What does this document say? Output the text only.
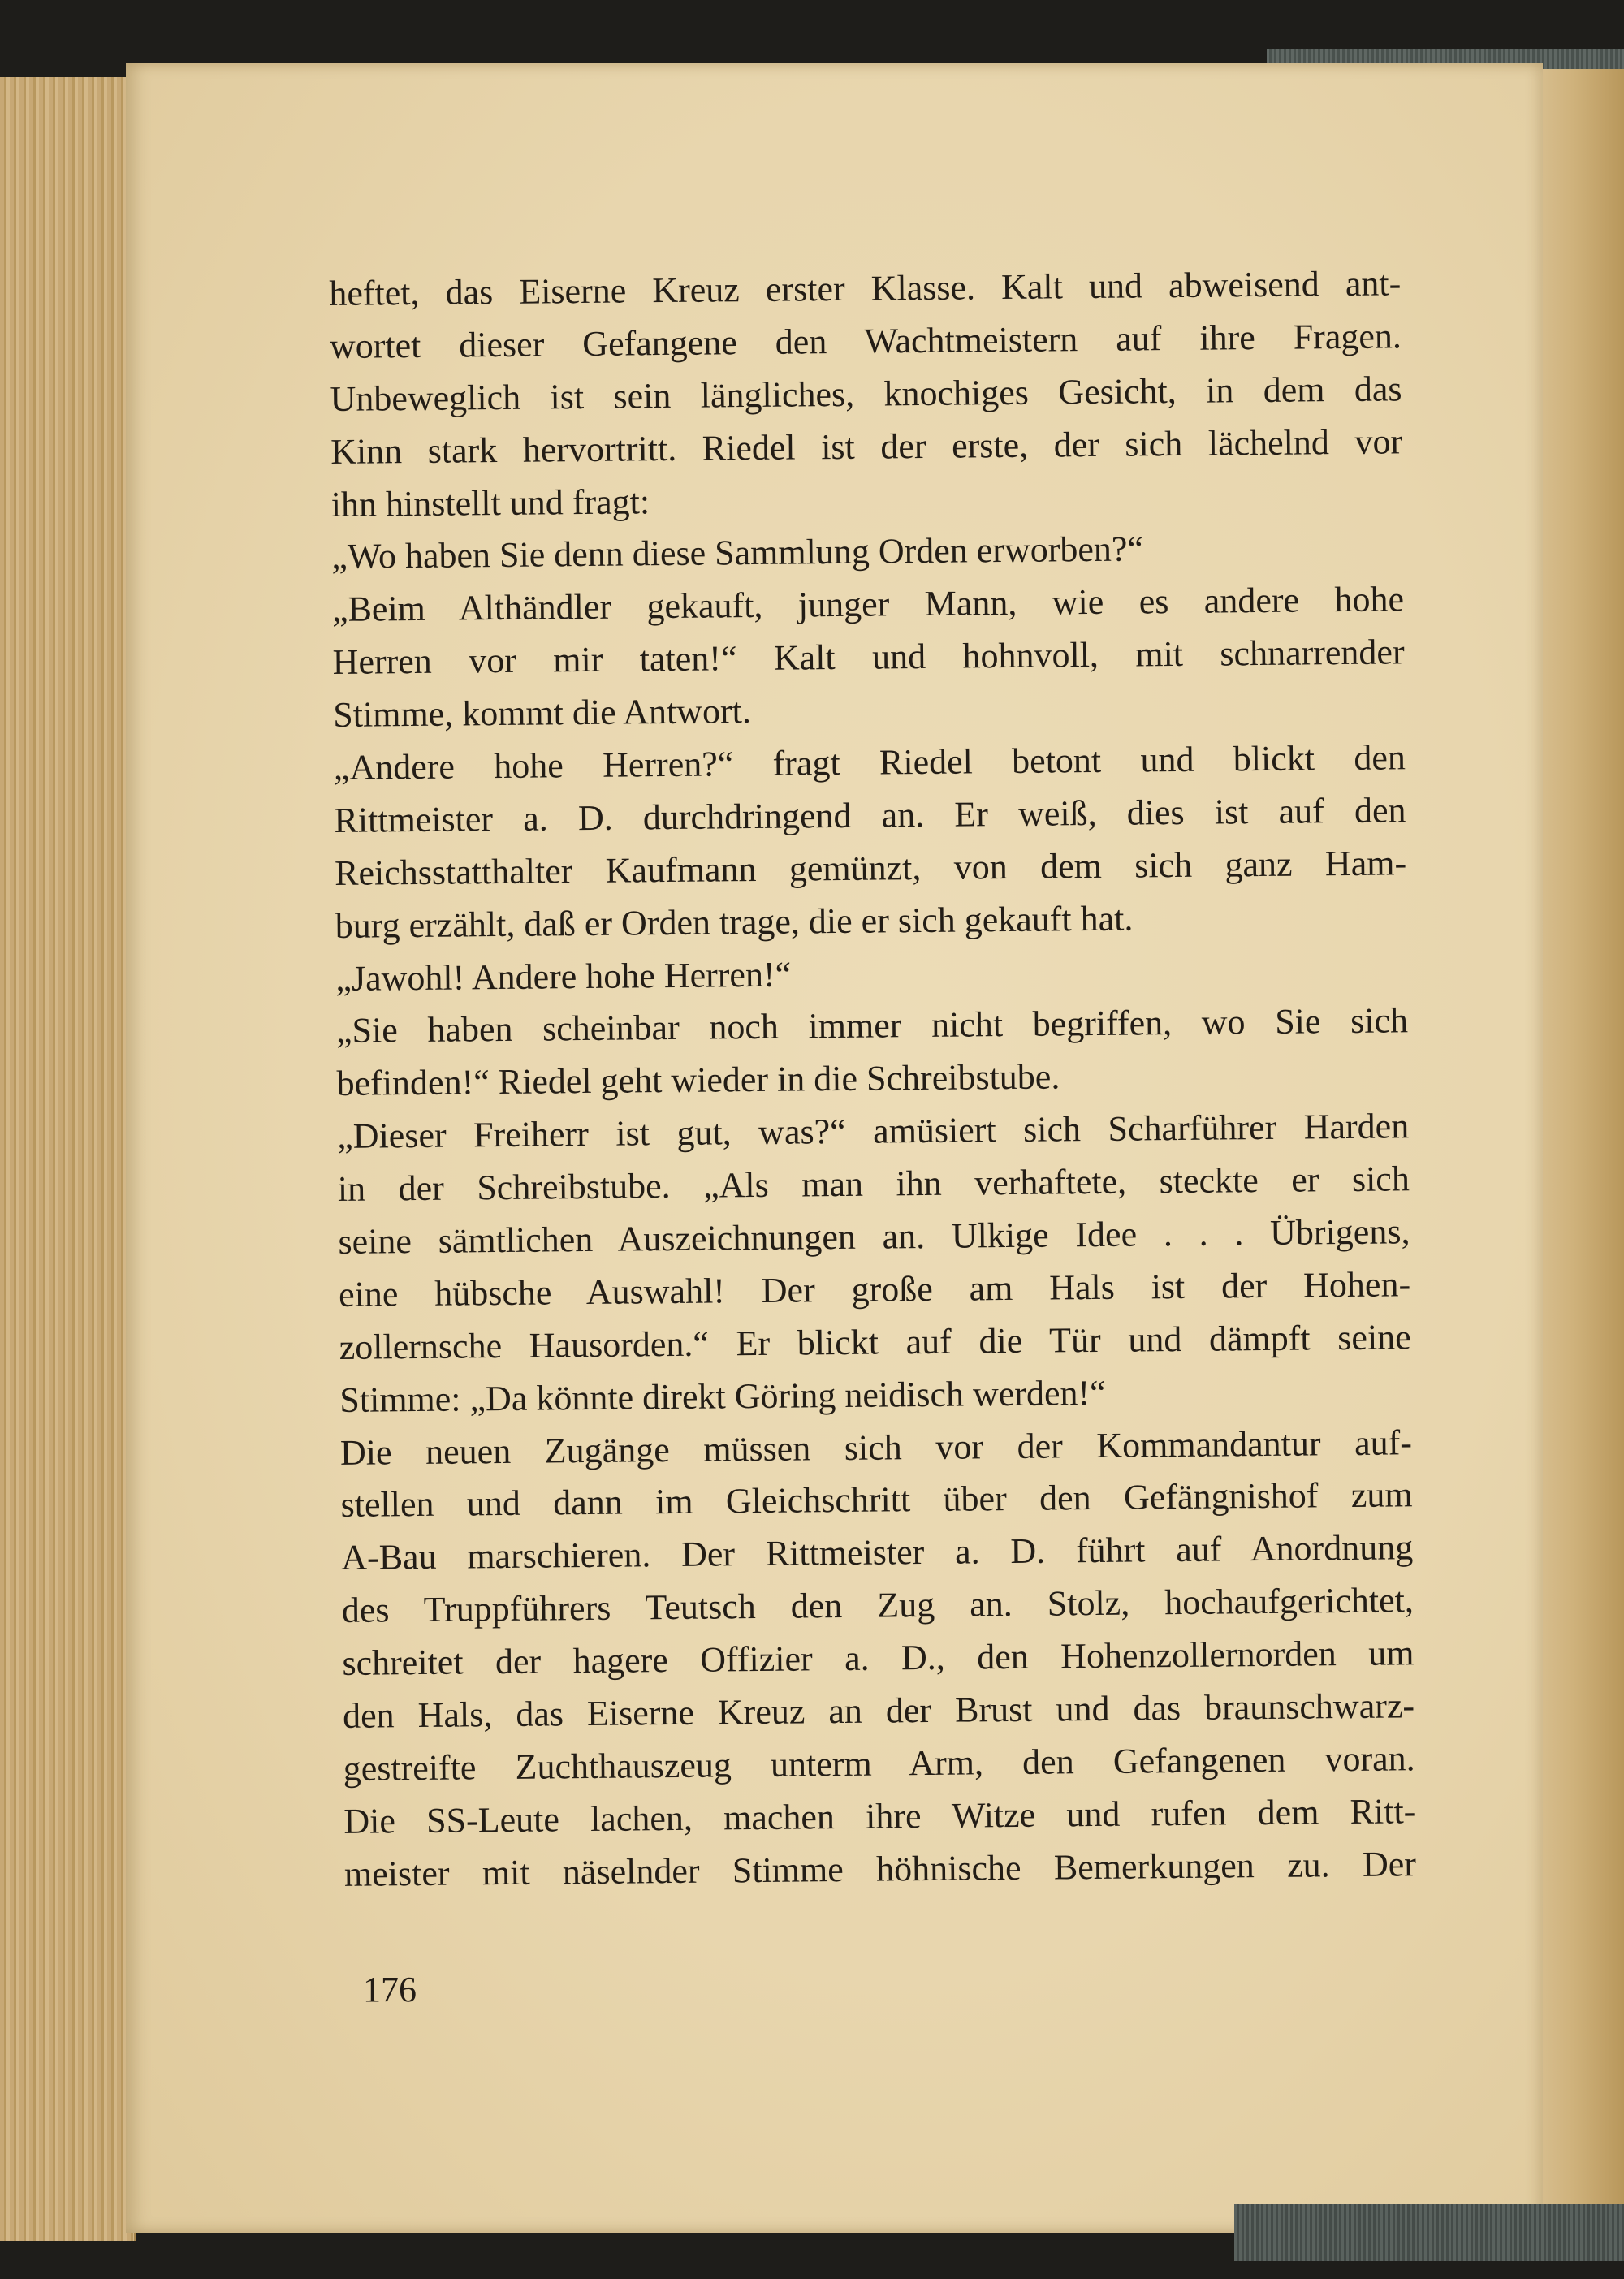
heftet, das Eiserne Kreuz erster Klasse. Kalt und abweisend ant-
wortet dieser Gefangene den Wachtmeistern auf ihre Fragen.
Unbeweglich ist sein längliches, knochiges Gesicht, in dem das
Kinn stark hervortritt. Riedel ist der erste, der sich lächelnd vor
ihn hinstellt und fragt:
„Wo haben Sie denn diese Sammlung Orden erworben?“
„Beim Althändler gekauft, junger Mann, wie es andere hohe
Herren vor mir taten!“ Kalt und hohnvoll, mit schnarrender
Stimme, kommt die Antwort.
„Andere hohe Herren?“ fragt Riedel betont und blickt den
Rittmeister a. D. durchdringend an. Er weiß, dies ist auf den
Reichsstatthalter Kaufmann gemünzt, von dem sich ganz Ham-
burg erzählt, daß er Orden trage, die er sich gekauft hat.
„Jawohl! Andere hohe Herren!“
„Sie haben scheinbar noch immer nicht begriffen, wo Sie sich
befinden!“ Riedel geht wieder in die Schreibstube.
„Dieser Freiherr ist gut, was?“ amüsiert sich Scharführer Harden
in der Schreibstube. „Als man ihn verhaftete, steckte er sich
seine sämtlichen Auszeichnungen an. Ulkige Idee . . . Übrigens,
eine hübsche Auswahl! Der große am Hals ist der Hohen-
zollernsche Hausorden.“ Er blickt auf die Tür und dämpft seine
Stimme: „Da könnte direkt Göring neidisch werden!“
Die neuen Zugänge müssen sich vor der Kommandantur auf-
stellen und dann im Gleichschritt über den Gefängnishof zum
A-Bau marschieren. Der Rittmeister a. D. führt auf Anordnung
des Truppführers Teutsch den Zug an. Stolz, hochaufgerichtet,
schreitet der hagere Offizier a. D., den Hohenzollernorden um
den Hals, das Eiserne Kreuz an der Brust und das braunschwarz-
gestreifte Zuchthauszeug unterm Arm, den Gefangenen voran.
Die SS-Leute lachen, machen ihre Witze und rufen dem Ritt-
meister mit näselnder Stimme höhnische Bemerkungen zu. Der
176
